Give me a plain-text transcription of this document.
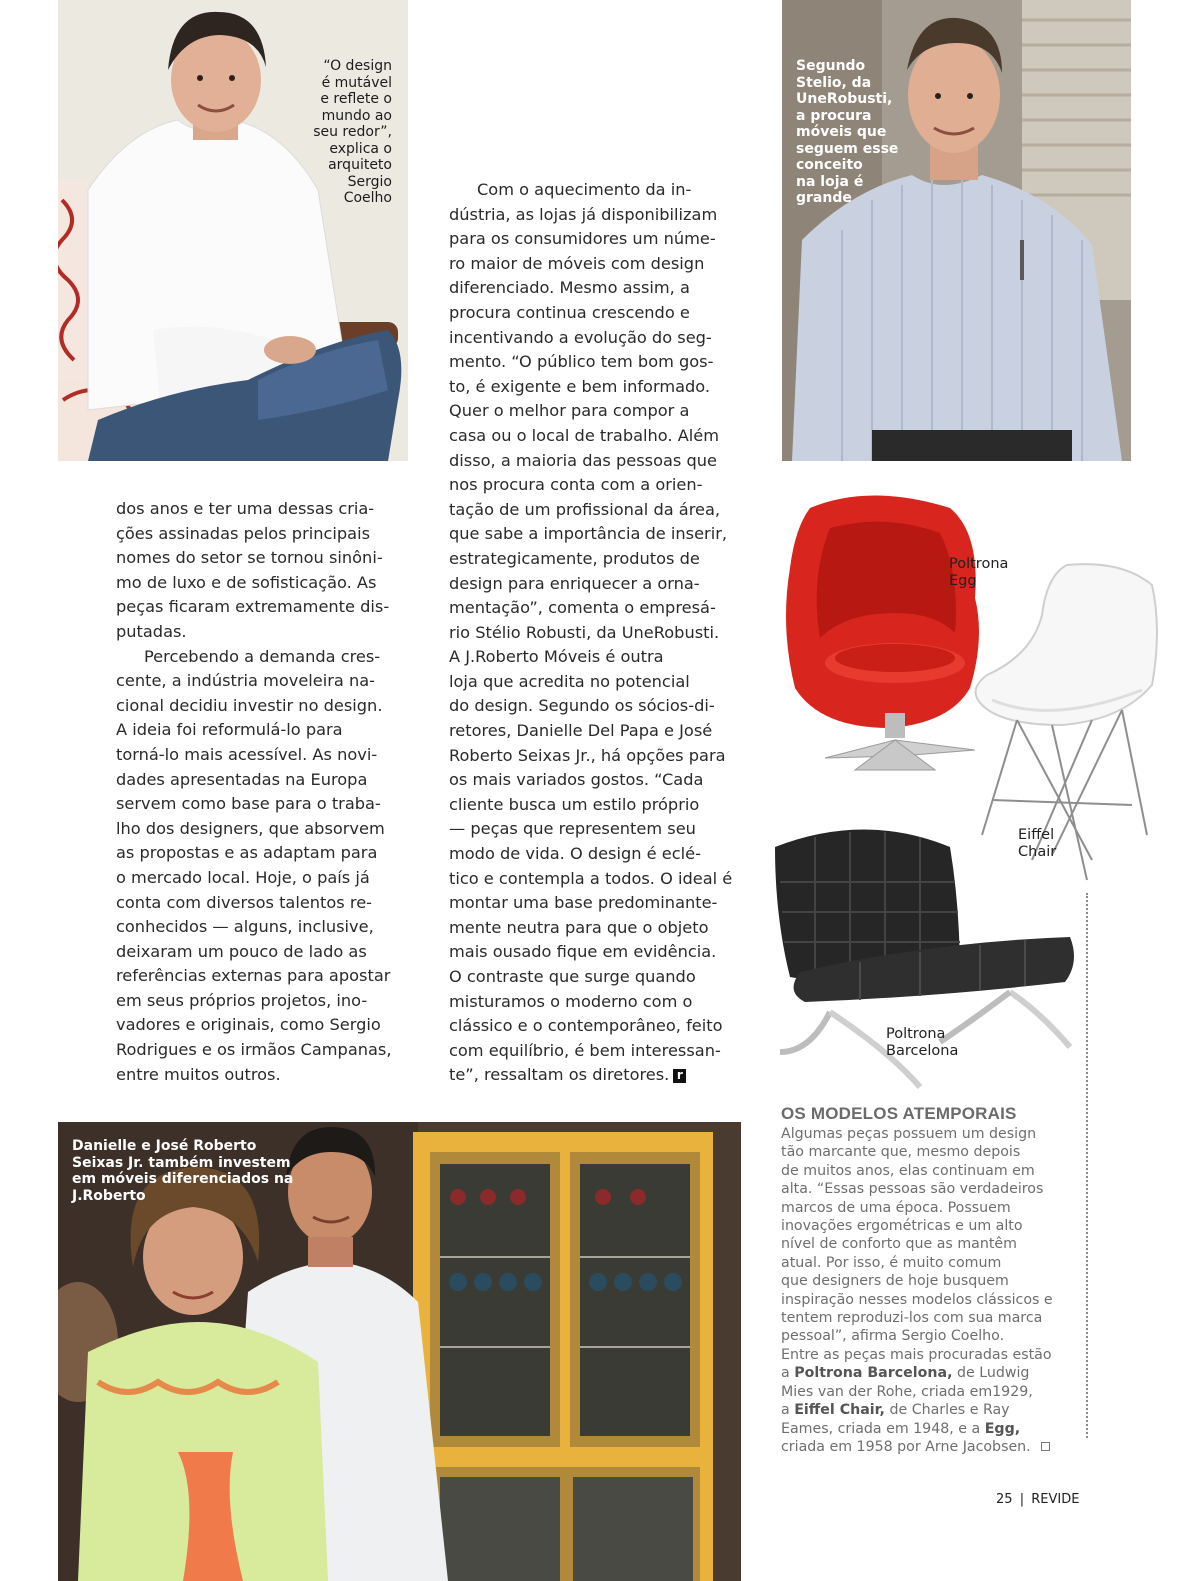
“O design
é mutável
e reflete o
mundo ao
seu redor”,
explica o
arquiteto
Sergio
Coelho
Segundo
Stelio, da
UneRobusti,
a procura
móveis que
seguem esse
conceito
na loja é
grande

dos anos e ter uma dessas cria-
ções assinadas pelos principais
nomes do setor se tornou sinôni-
mo de luxo e de sofisticação. As
peças ficaram extremamente dis-
putadas.

Percebendo a demanda cres-
cente, a indústria moveleira na-
cional decidiu investir no design.
A ideia foi reformulá-lo para
torná-lo mais acessível. As novi-
dades apresentadas na Europa
servem como base para o traba-
lho dos designers, que absorvem
as propostas e as adaptam para
o mercado local. Hoje, o país já
conta com diversos talentos re-
conhecidos — alguns, inclusive,
deixaram um pouco de lado as
referências externas para apostar
em seus próprios projetos, ino-
vadores e originais, como Sergio
Rodrigues e os irmãos Campanas,
entre muitos outros.

Com o aquecimento da in-
dústria, as lojas já disponibilizam
para os consumidores um núme-
ro maior de móveis com design
diferenciado. Mesmo assim, a
procura continua crescendo e
incentivando a evolução do seg-
mento. “O público tem bom gos-
to, é exigente e bem informado.
Quer o melhor para compor a
casa ou o local de trabalho. Além
disso, a maioria das pessoas que
nos procura conta com a orien-
tação de um profissional da área,
que sabe a importância de inserir,
estrategicamente, produtos de
design para enriquecer a orna-
mentação”, comenta o empresá-
rio Stélio Robusti, da UneRobusti.

A J.Roberto Móveis é outra
loja que acredita no potencial
do design. Segundo os sócios-di-
retores, Danielle Del Papa e José
Roberto Seixas Jr., há opções para
os mais variados gostos. “Cada
cliente busca um estilo próprio
— peças que representem seu
modo de vida. O design é eclé-
tico e contempla a todos. O ideal é
montar uma base predominante-
mente neutra para que o objeto
mais ousado fique em evidência.
O contraste que surge quando
misturamos o moderno com o
clássico e o contemporâneo, feito
com equilíbrio, é bem interessan-
te”, ressaltam os diretores. r
Poltrona
Egg
Eiffel
Chair
Poltrona
Barcelona
OS MODELOS ATEMPORAIS
Algumas peças possuem um design
tão marcante que, mesmo depois
de muitos anos, elas continuam em
alta. “Essas pessoas são verdadeiros
marcos de uma época. Possuem
inovações ergométricas e um alto
nível de conforto que as mantêm
atual. Por isso, é muito comum
que designers de hoje busquem
inspiração nesses modelos clássicos e
tentem reproduzi-los com sua marca
pessoal”, afirma Sergio Coelho.
Entre as peças mais procuradas estão
a Poltrona Barcelona, de Ludwig
Mies van der Rohe, criada em1929,
a Eiffel Chair, de Charles e Ray
Eames, criada em 1948, e a Egg,
criada em 1958 por Arne Jacobsen.
Danielle e José Roberto
Seixas Jr. também investem
em móveis diferenciados na
J.Roberto
25 | REVIDE
